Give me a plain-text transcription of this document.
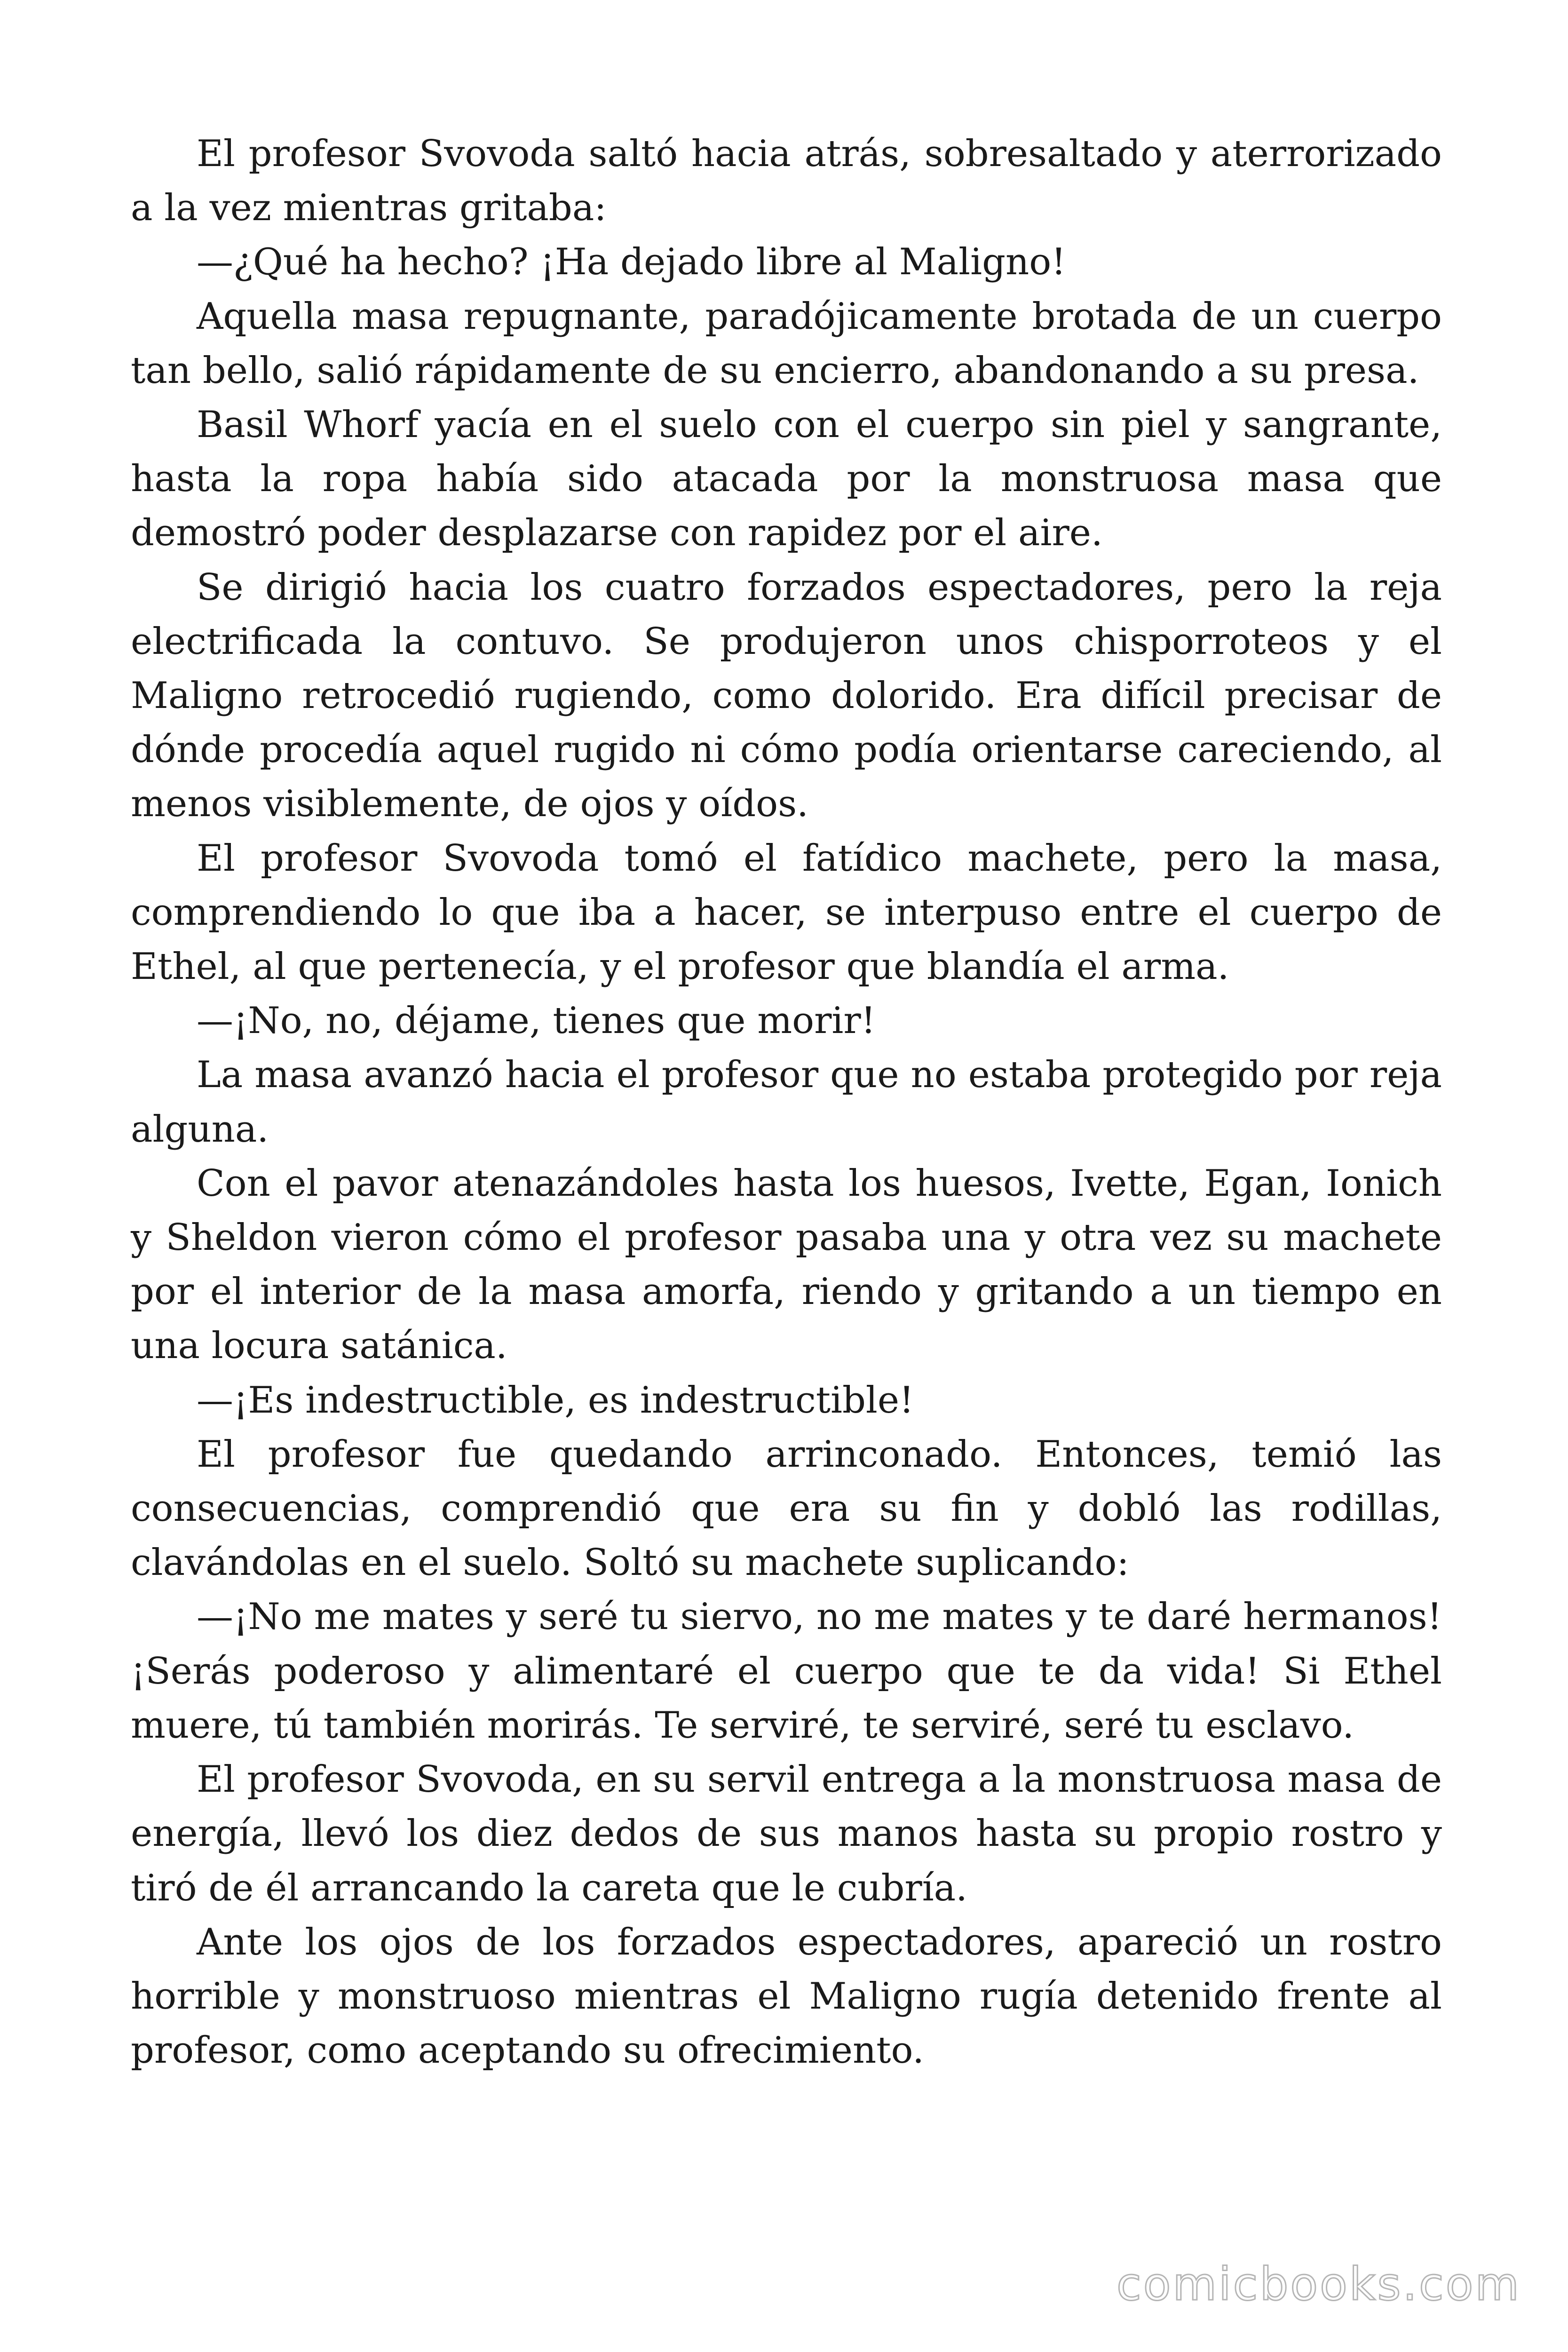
El profesor Svovoda saltó hacia atrás, sobresaltado y aterrorizado a la vez mientras gritaba:

—¿Qué ha hecho? ¡Ha dejado libre al Maligno!

Aquella masa repugnante, paradójicamente brotada de un cuerpo tan bello, salió rápidamente de su encierro, abandonando a su presa.

Basil Whorf yacía en el suelo con el cuerpo sin piel y sangrante, hasta la ropa había sido atacada por la monstruosa masa que demostró poder desplazarse con rapidez por el aire.

Se dirigió hacia los cuatro forzados espectadores, pero la reja electrificada la contuvo. Se produjeron unos chisporroteos y el Maligno retrocedió rugiendo, como dolorido. Era difícil precisar de dónde procedía aquel rugido ni cómo podía orientarse careciendo, al menos visiblemente, de ojos y oídos.

El profesor Svovoda tomó el fatídico machete, pero la masa, comprendiendo lo que iba a hacer, se interpuso entre el cuerpo de Ethel, al que pertenecía, y el profesor que blandía el arma.

—¡No, no, déjame, tienes que morir!

La masa avanzó hacia el profesor que no estaba protegido por reja alguna.

Con el pavor atenazándoles hasta los huesos, Ivette, Egan, Ionich y Sheldon vieron cómo el profesor pasaba una y otra vez su machete por el interior de la masa amorfa, riendo y gritando a un tiempo en una locura satánica.

—¡Es indestructible, es indestructible!

El profesor fue quedando arrinconado. Entonces, temió las consecuencias, comprendió que era su fin y dobló las rodillas, clavándolas en el suelo. Soltó su machete suplicando:

—¡No me mates y seré tu siervo, no me mates y te daré hermanos! ¡Serás poderoso y alimentaré el cuerpo que te da vida! Si Ethel muere, tú también morirás. Te serviré, te serviré, seré tu esclavo.

El profesor Svovoda, en su servil entrega a la monstruosa masa de energía, llevó los diez dedos de sus manos hasta su propio rostro y tiró de él arrancando la careta que le cubría.

Ante los ojos de los forzados espectadores, apareció un rostro horrible y monstruoso mientras el Maligno rugía detenido frente al profesor, como aceptando su ofrecimiento.

comicbooks.com
